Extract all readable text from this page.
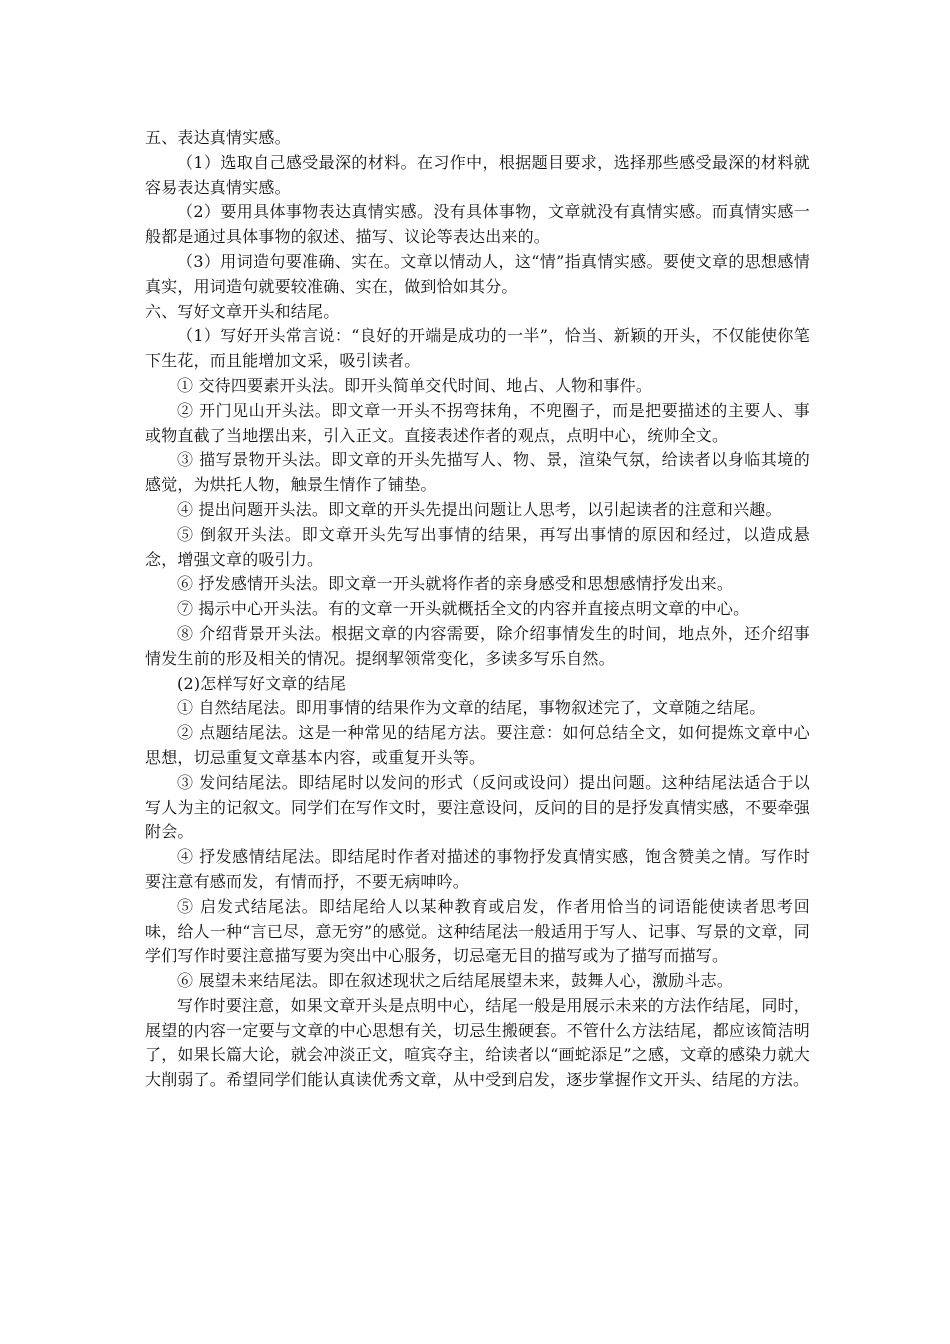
五、表达真情实感。

（1）选取自己感受最深的材料。在习作中，根据题目要求，选择那些感受最深的材料就容易表达真情实感。

（2）要用具体事物表达真情实感。没有具体事物，文章就没有真情实感。而真情实感一般都是通过具体事物的叙述、描写、议论等表达出来的。

（3）用词造句要准确、实在。文章以情动人，这“情”指真情实感。要使文章的思想感情真实，用词造句就要较准确、实在，做到恰如其分。

六、写好文章开头和结尾。

（1）写好开头常言说：“良好的开端是成功的一半”，恰当、新颖的开头，不仅能使你笔下生花，而且能增加文采，吸引读者。

① 交待四要素开头法。即开头简单交代时间、地占、人物和事件。

② 开门见山开头法。即文章一开头不拐弯抹角，不兜圈子，而是把要描述的主要人、事或物直截了当地摆出来，引入正文。直接表述作者的观点，点明中心，统帅全文。

③ 描写景物开头法。即文章的开头先描写人、物、景，渲染气氛，给读者以身临其境的感觉，为烘托人物，触景生情作了铺垫。

④ 提出问题开头法。即文章的开头先提出问题让人思考，以引起读者的注意和兴趣。

⑤ 倒叙开头法。即文章开头先写出事情的结果，再写出事情的原因和经过，以造成悬念，增强文章的吸引力。

⑥ 抒发感情开头法。即文章一开头就将作者的亲身感受和思想感情抒发出来。

⑦ 揭示中心开头法。有的文章一开头就概括全文的内容并直接点明文章的中心。

⑧ 介绍背景开头法。根据文章的内容需要，除介绍事情发生的时间，地点外，还介绍事情发生前的形及相关的情况。提纲挈领常变化，多读多写乐自然。

(2)怎样写好文章的结尾

① 自然结尾法。即用事情的结果作为文章的结尾，事物叙述完了，文章随之结尾。

② 点题结尾法。这是一种常见的结尾方法。要注意：如何总结全文，如何提炼文章中心思想，切忌重复文章基本内容，或重复开头等。

③ 发问结尾法。即结尾时以发问的形式（反问或设问）提出问题。这种结尾法适合于以写人为主的记叙文。同学们在写作文时，要注意设问，反问的目的是抒发真情实感，不要牵强附会。

④ 抒发感情结尾法。即结尾时作者对描述的事物抒发真情实感，饱含赞美之情。写作时要注意有感而发，有情而抒，不要无病呻吟。

⑤ 启发式结尾法。即结尾给人以某种教育或启发，作者用恰当的词语能使读者思考回味，给人一种“言已尽，意无穷”的感觉。这种结尾法一般适用于写人、记事、写景的文章，同学们写作时要注意描写要为突出中心服务，切忌毫无目的描写或为了描写而描写。

⑥ 展望未来结尾法。即在叙述现状之后结尾展望未来，鼓舞人心，激励斗志。

写作时要注意，如果文章开头是点明中心，结尾一般是用展示未来的方法作结尾，同时，展望的内容一定要与文章的中心思想有关，切忌生搬硬套。不管什么方法结尾，都应该简洁明了，如果长篇大论，就会冲淡正文，喧宾夺主，给读者以“画蛇添足”之感，文章的感染力就大大削弱了。希望同学们能认真读优秀文章，从中受到启发，逐步掌握作文开头、结尾的方法。
